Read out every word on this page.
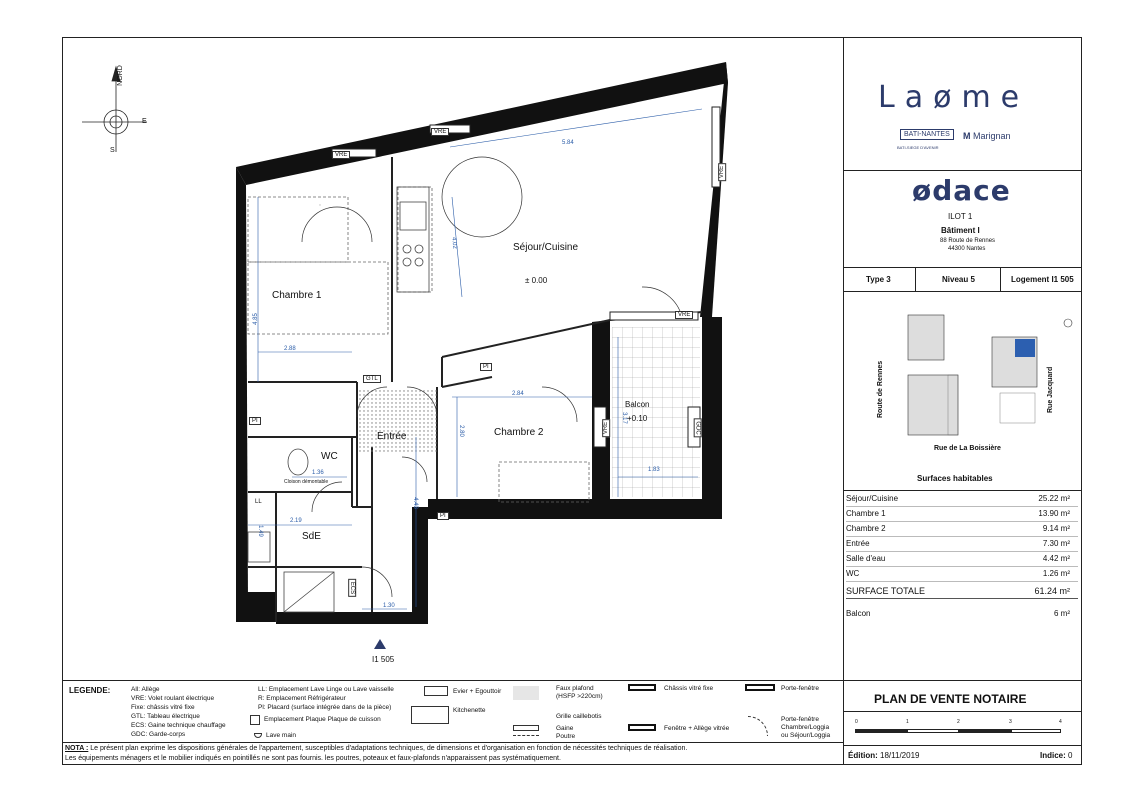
NORD
E
S
Séjour/Cuisine
± 0.00
Chambre 1
Chambre 2
Entrée
WC
SdE
Balcon
+0.10
5.84
4.02
4.85
2.88
2.84
2.80
3.17
1.83
1.36
2.19
1.49
4.43
1.30
VRE
VRE
VRE
VRE
VRE
PI
PI
PI
GTL
GDC
LL
ECS
Cloison démontable
I1 505
Laøme
BATI-NANTES
BATI-SIEGE D'AVENIR
M Marignan
ødace
ILOT 1
Bâtiment I
88 Route de Rennes
44300 Nantes
Type 3	Niveau 5	Logement I1 505
Route de Rennes	Rue Jacquard
Rue de La Boissière
Surfaces habitables
Séjour/Cuisine	25.22 m²
Chambre 1	13.90 m²
Chambre 2	9.14 m²
Entrée	7.30 m²
Salle d'eau	4.42 m²
WC	1.26 m²
SURFACE TOTALE	61.24 m²
Balcon	6 m²
PLAN DE VENTE NOTAIRE
0	1	2	3	4
Édition: 18/11/2019	Indice: 0
LEGENDE:	All: Allège
VRE: Volet roulant électrique
Fixe: châssis vitré fixe
GTL: Tableau électrique
ECS: Gaine technique chauffage
GDC: Garde-corps
LL: Emplacement Lave Linge ou Lave vaisselle
R: Emplacement Réfrigérateur
Pl: Placard (surface intégrée dans de la pièce)
Emplacement Plaque Plaque de cuisson
Lave main
Evier + Egouttoir
Kitchenette
Faux plafond
(HSFP >220cm)
Grille caillebotis
Gaine
Poutre
Châssis vitré fixe
Fenêtre + Allège vitrée
Porte-fenêtre
Porte-fenêtre
Chambre/Loggia
ou Séjour/Loggia
NOTA : Le présent plan exprime les dispositions générales de l'appartement, susceptibles d'adaptations techniques, de dimensions et d'organisation en fonction de nécessités techniques de réalisation.
Les équipements ménagers et le mobilier indiqués en pointillés ne sont pas fournis. les poutres, poteaux et faux-plafonds n'apparaissent pas systématiquement.
